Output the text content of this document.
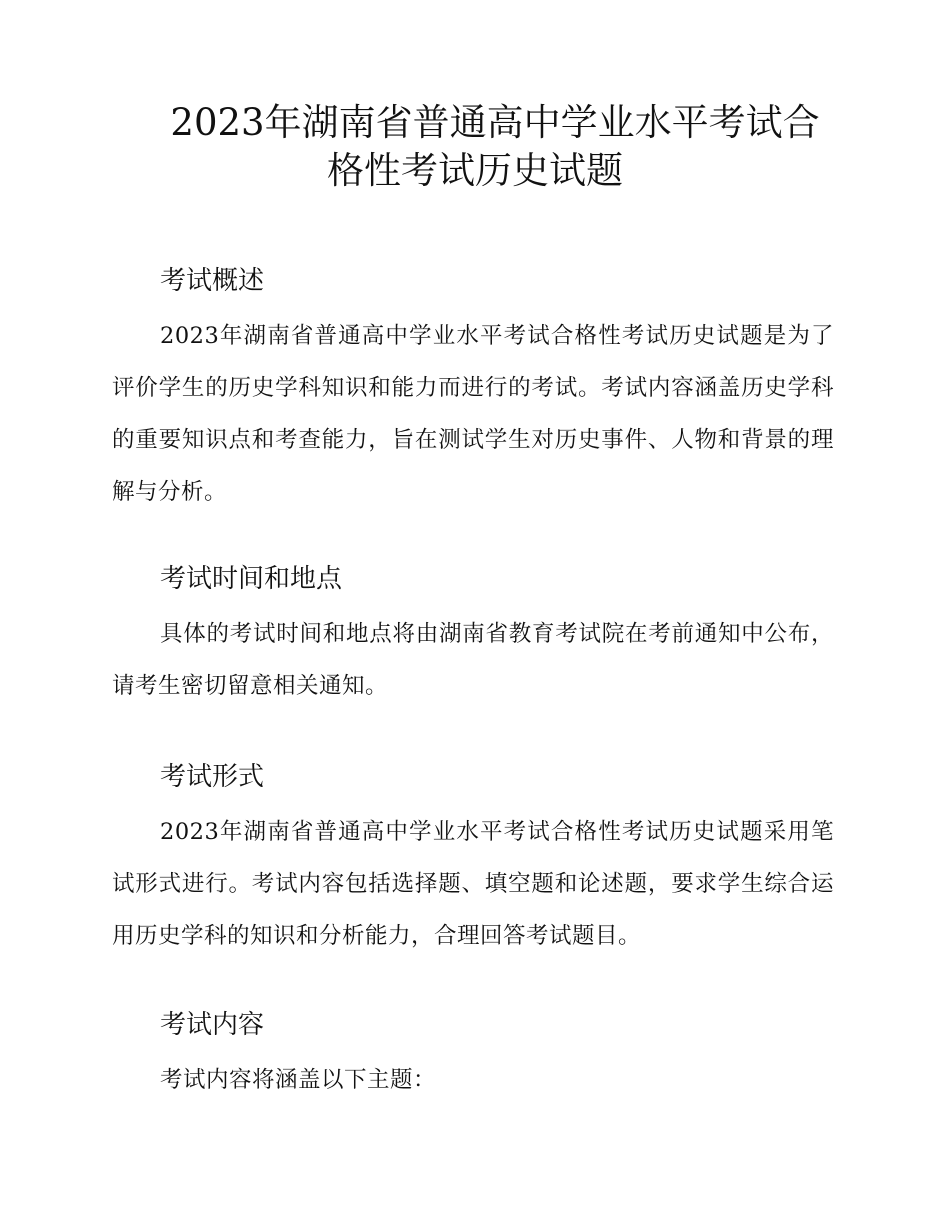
2023年湖南省普通高中学业水平考试合
格性考试历史试题
考试概述

2023年湖南省普通高中学业水平考试合格性考试历史试题是为了评价学生的历史学科知识和能力而进行的考试。考试内容涵盖历史学科的重要知识点和考查能力，旨在测试学生对历史事件、人物和背景的理解与分析。

考试时间和地点

具体的考试时间和地点将由湖南省教育考试院在考前通知中公布，请考生密切留意相关通知。

考试形式

2023年湖南省普通高中学业水平考试合格性考试历史试题采用笔试形式进行。考试内容包括选择题、填空题和论述题，要求学生综合运用历史学科的知识和分析能力，合理回答考试题目。

考试内容

考试内容将涵盖以下主题：
